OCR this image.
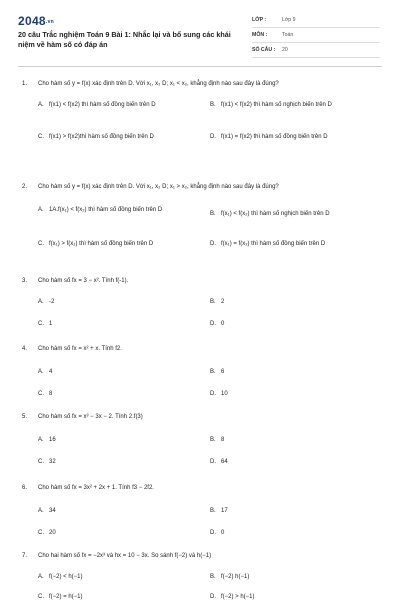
2048.vn
20 câu Trắc nghiệm Toán 9 Bài 1: Nhắc lại và bổ sung các khái niệm về hàm số có đáp án
LỚP :	Lớp 9
MÔN :	Toán
SỐ CÂU :	20
1.	Cho hàm số y = f(x) xác định trên D. Với x₁, x₂ D; x₁ < x₂, khẳng định nào sau đây là đúng?
A. f(x1) < f(x2) thì hàm số đồng biến trên D	B. f(x1) < f(x2) thì hàm số nghịch biến trên D
C. f(x1) > f(x2)thì hàm số đồng biến trên D	D. f(x1) = f(x2) thì hàm số đồng biến trên D
2.	Cho hàm số y = f(x) xác định trên D. Với x₁, x₂ D; x₁ > x₂, khẳng định nào sau đây là đúng?
A. 1A.f(x₁) < f(x₂) thì hàm số đồng biến trên D
B. f(x₁) < f(x₂) thì hàm số nghịch biến trên D
C. f(x₁) > f(x₂) thì hàm số đồng biến trên D	D. f(x₁) = f(x₂) thì hàm số đồng biến trên D
3.	Cho hàm số fx = 3 − x². Tính f(-1).
A. -2	B. 2
C. 1	D. 0
4.	Cho hàm số fx = x² + x. Tính f2.
A. 4	B. 6
C. 8	D. 10
5.	Cho hàm số fx = x³ − 3x − 2. Tính 2.f(3)
A. 16	B. 8
C. 32	D. 64
6.	Cho hàm số fx = 3x² + 2x + 1. Tính f3 − 2f2.
A. 34	B. 17
C. 20	D. 0
7.	Cho hai hàm số fx = −2x³ và hx = 10 − 3x. So sánh f(−2) và h(−1)
A. f(−2) < h(−1)	B. f(−2) h(−1)
C. f(−2) = h(−1)	D. f(−2) > h(−1)
